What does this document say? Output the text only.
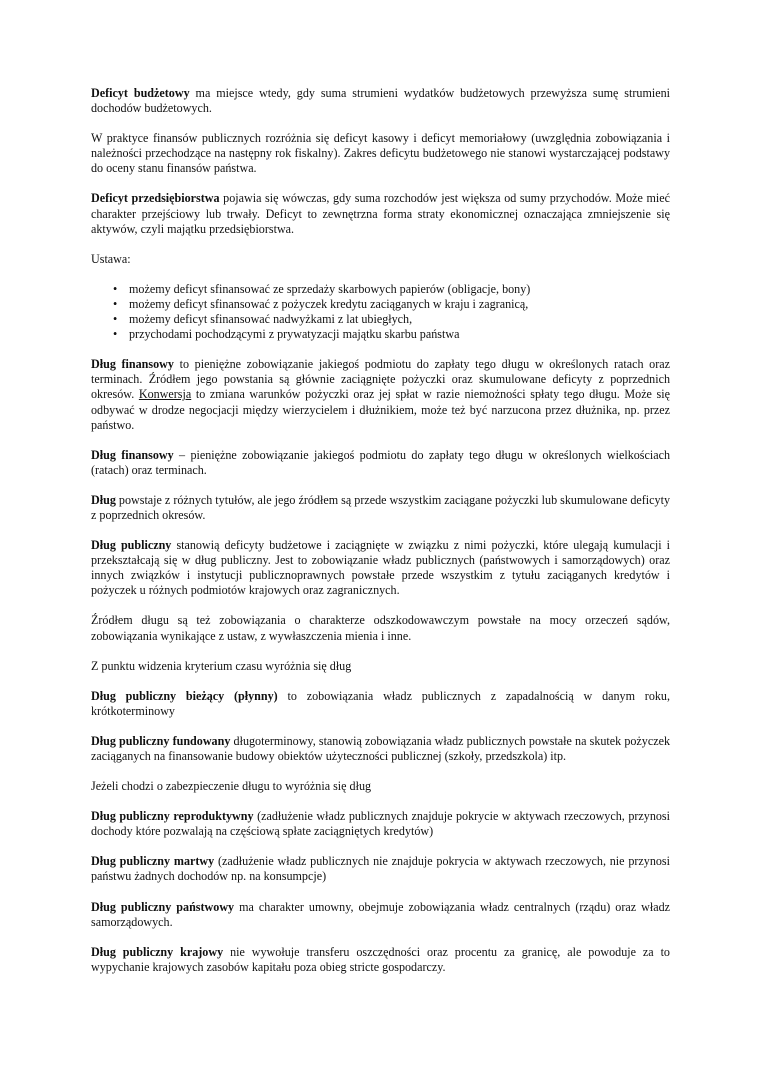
Deficyt budżetowy ma miejsce wtedy, gdy suma strumieni wydatków budżetowych przewyższa sumę strumieni dochodów budżetowych.

W praktyce finansów publicznych rozróżnia się deficyt kasowy i deficyt memoriałowy (uwzględnia zobowiązania i należności przechodzące na następny rok fiskalny). Zakres deficytu budżetowego nie stanowi wystarczającej podstawy do oceny stanu finansów państwa.

Deficyt przedsiębiorstwa pojawia się wówczas, gdy suma rozchodów jest większa od sumy przychodów. Może mieć charakter przejściowy lub trwały. Deficyt to zewnętrzna forma straty ekonomicznej oznaczająca zmniejszenie się aktywów, czyli majątku przedsiębiorstwa.

Ustawa:

• możemy deficyt sfinansować ze sprzedaży skarbowych papierów (obligacje, bony)
• możemy deficyt sfinansować z pożyczek kredytu zaciąganych w kraju i zagranicą,
• możemy deficyt sfinansować nadwyżkami z lat ubiegłych,
• przychodami pochodzącymi z prywatyzacji majątku skarbu państwa

Dług finansowy to pieniężne zobowiązanie jakiegoś podmiotu do zapłaty tego długu w określonych ratach oraz terminach. Źródłem jego powstania są głównie zaciągnięte pożyczki oraz skumulowane deficyty z poprzednich okresów. Konwersja to zmiana warunków pożyczki oraz jej spłat w razie niemożności spłaty tego długu. Może się odbywać w drodze negocjacji między wierzycielem i dłużnikiem, może też być narzucona przez dłużnika, np. przez państwo.

Dług finansowy – pieniężne zobowiązanie jakiegoś podmiotu do zapłaty tego długu w określonych wielkościach (ratach) oraz terminach.

Dług powstaje z różnych tytułów, ale jego źródłem są przede wszystkim zaciągane pożyczki lub skumulowane deficyty z poprzednich okresów.

Dług publiczny stanowią deficyty budżetowe i zaciągnięte w związku z nimi pożyczki, które ulegają kumulacji i przekształcają się w dług publiczny. Jest to zobowiązanie władz publicznych (państwowych i samorządowych) oraz innych związków i instytucji publicznoprawnych powstałe przede wszystkim z tytułu zaciąganych kredytów i pożyczek u różnych podmiotów krajowych oraz zagranicznych.

Źródłem długu są też zobowiązania o charakterze odszkodowawczym powstałe na mocy orzeczeń sądów, zobowiązania wynikające z ustaw, z wywłaszczenia mienia i inne.

Z punktu widzenia kryterium czasu wyróżnia się dług

Dług publiczny bieżący (płynny) to zobowiązania władz publicznych z zapadalnością w danym roku, krótkoterminowy

Dług publiczny fundowany długoterminowy, stanowią zobowiązania władz publicznych powstałe na skutek pożyczek zaciąganych na finansowanie budowy obiektów użyteczności publicznej (szkoły, przedszkola) itp.

Jeżeli chodzi o zabezpieczenie długu to wyróżnia się dług

Dług publiczny reproduktywny (zadłużenie władz publicznych znajduje pokrycie w aktywach rzeczowych, przynosi dochody które pozwalają na częściową spłate zaciągniętych kredytów)

Dług publiczny martwy (zadłużenie władz publicznych nie znajduje pokrycia w aktywach rzeczowych, nie przynosi państwu żadnych dochodów np. na konsumpcje)

Dług publiczny państwowy ma charakter umowny, obejmuje zobowiązania władz centralnych (rządu) oraz władz samorządowych.

Dług publiczny krajowy nie wywołuje transferu oszczędności oraz procentu za granicę, ale powoduje za to wypychanie krajowych zasobów kapitału poza obieg stricte gospodarczy.
